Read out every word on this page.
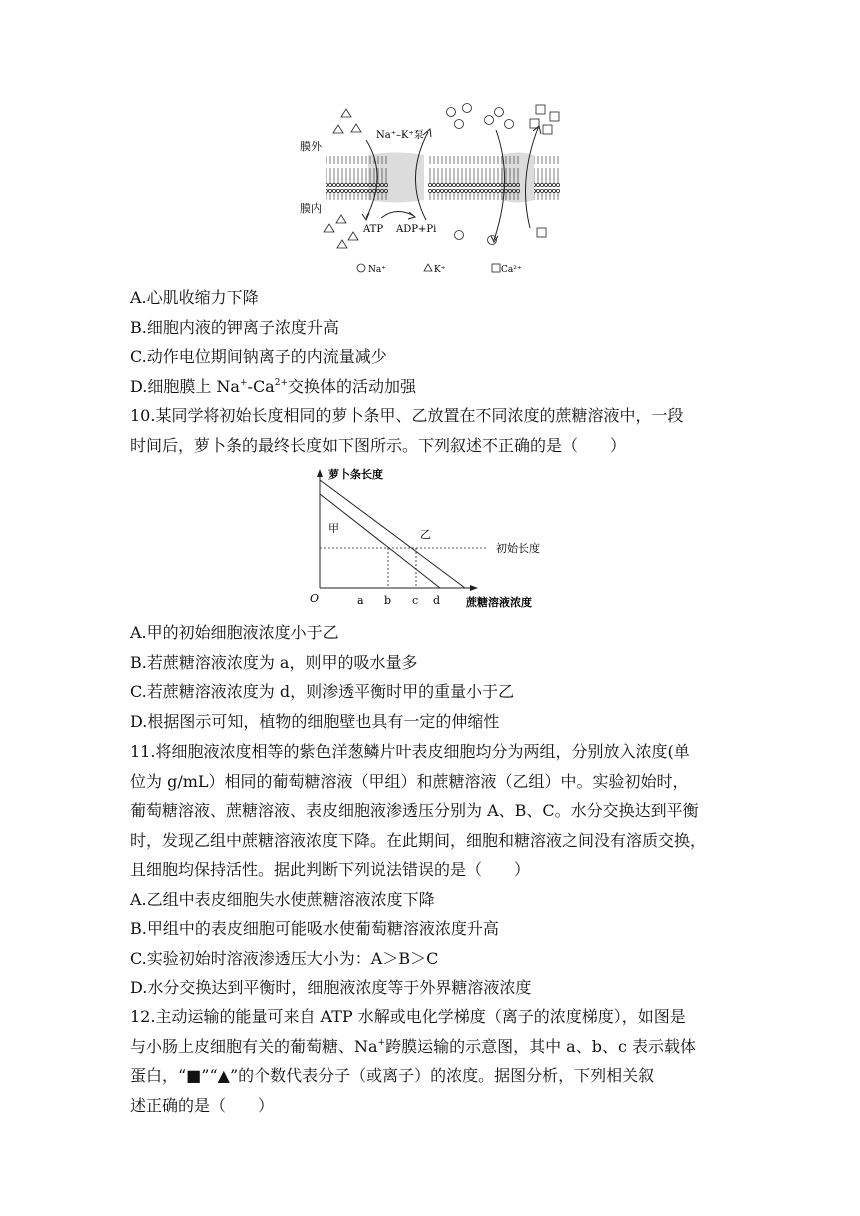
膜外
膜内
Na⁺–K⁺泵
ATP ADP+Pi
Na⁺	K⁺	Ca²⁺
A.心肌收缩力下降
B.细胞内液的钾离子浓度升高
C.动作电位期间钠离子的内流量减少
D.细胞膜上 $Na^+-Ca^{2+}$交换体的活动加强
10.某同学将初始长度相同的萝卜条甲、乙放置在不同浓度的蔗糖溶液中，一段
时间后，萝卜条的最终长度如下图所示。下列叙述不正确的是（　　）
萝卜条长度
蔗糖溶液浓度
O
初始长度
甲	乙
a b c d
A.甲的初始细胞液浓度小于乙
B.若蔗糖溶液浓度为 a，则甲的吸水量多
C.若蔗糖溶液浓度为 d，则渗透平衡时甲的重量小于乙
D.根据图示可知，植物的细胞壁也具有一定的伸缩性
11.将细胞液浓度相等的紫色洋葱鳞片叶表皮细胞均分为两组，分别放入浓度(单
位为 g/mL）相同的葡萄糖溶液（甲组）和蔗糖溶液（乙组）中。实验初始时，
葡萄糖溶液、蔗糖溶液、表皮细胞液渗透压分别为 A、B、C。水分交换达到平衡
时，发现乙组中蔗糖溶液浓度下降。在此期间，细胞和糖溶液之间没有溶质交换，
且细胞均保持活性。据此判断下列说法错误的是（　　）
A.乙组中表皮细胞失水使蔗糖溶液浓度下降
B.甲组中的表皮细胞可能吸水使葡萄糖溶液浓度升高
C.实验初始时溶液渗透压大小为：A＞B＞C
D.水分交换达到平衡时，细胞液浓度等于外界糖溶液浓度
12.主动运输的能量可来自 ATP 水解或电化学梯度（离子的浓度梯度），如图是
与小肠上皮细胞有关的葡萄糖、Na+跨膜运输的示意图，其中 a、b、c 表示载体
蛋白，“■”“▲”的个数代表分子（或离子）的浓度。据图分析，下列相关叙
述正确的是（　　）
